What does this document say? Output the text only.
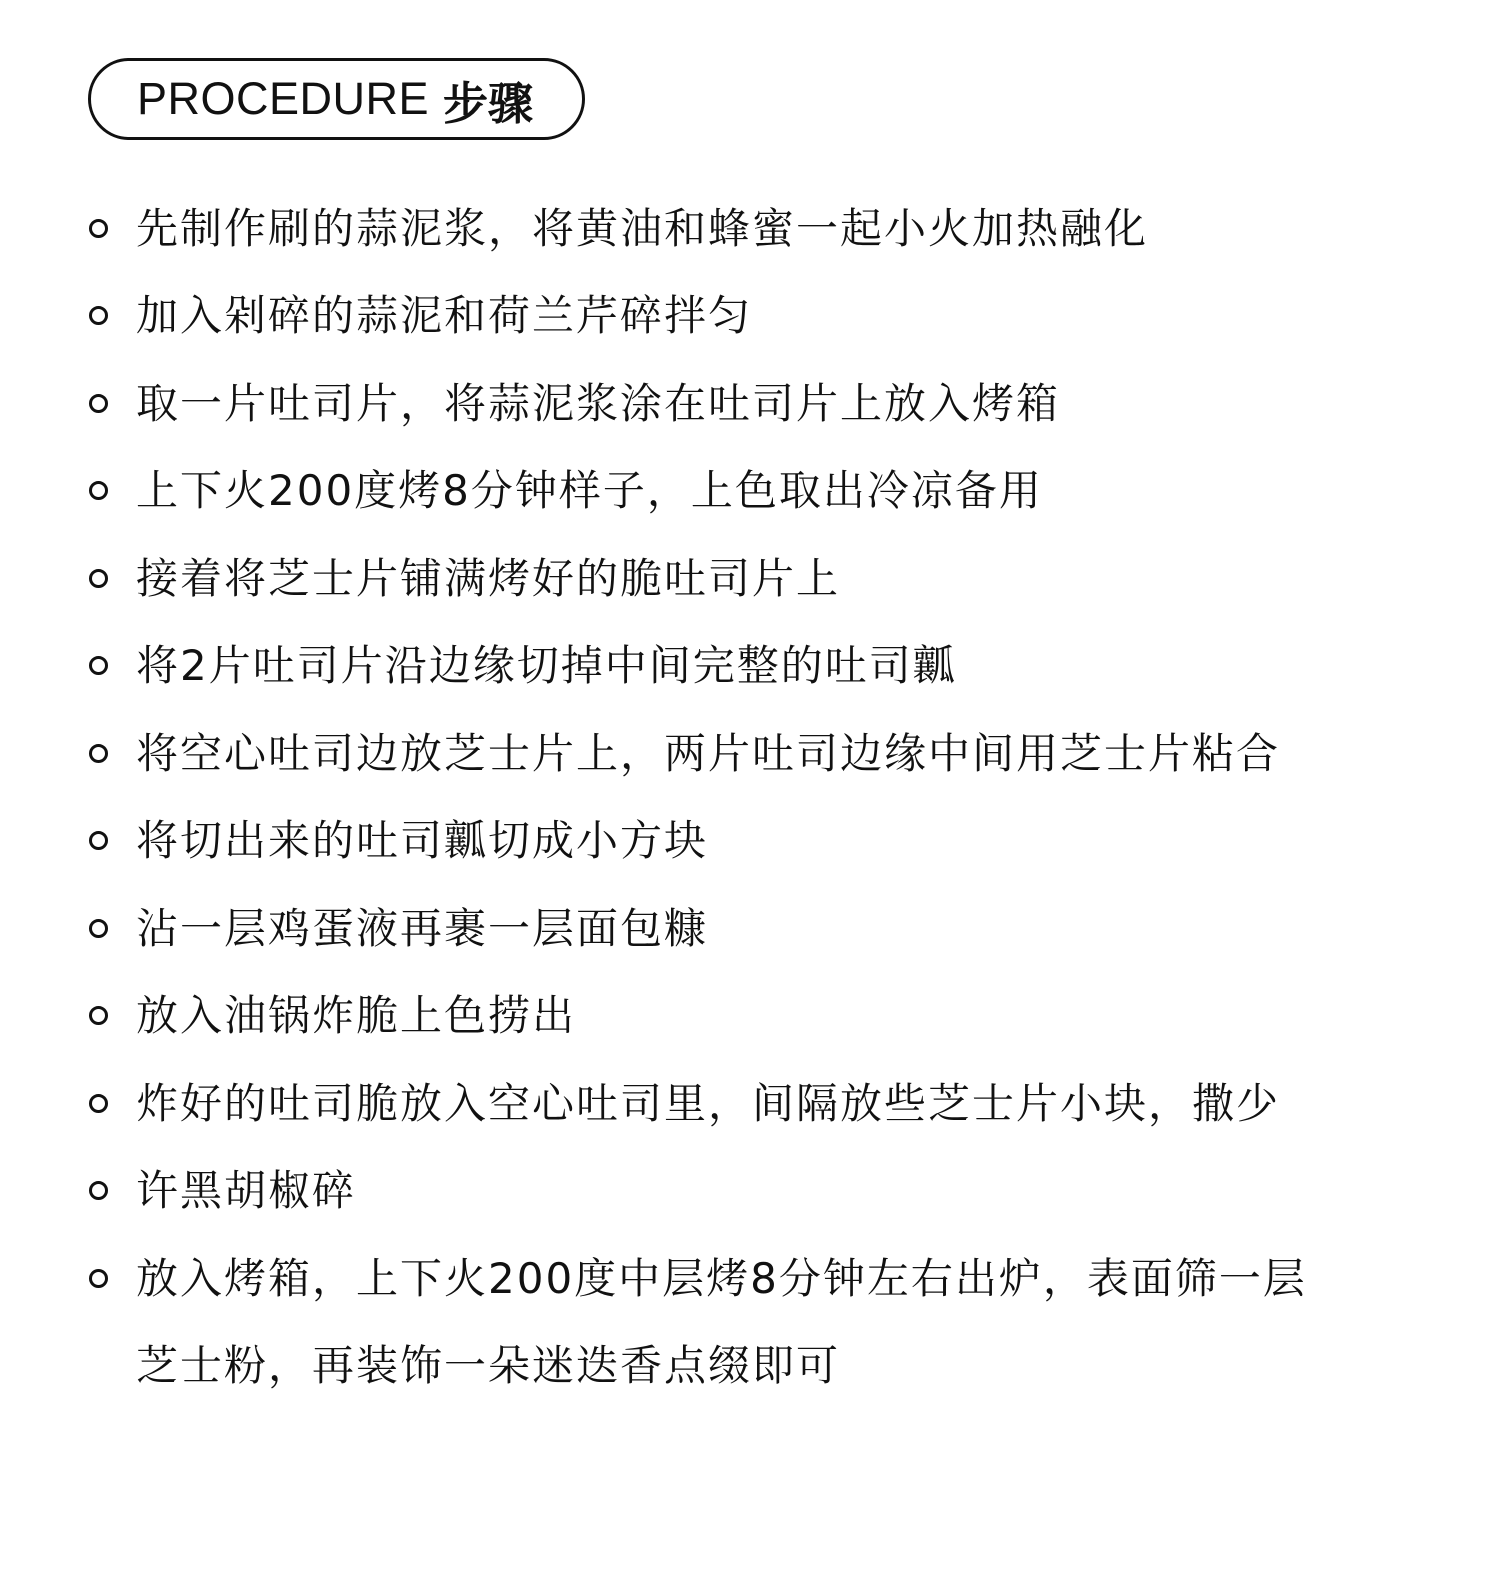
PROCEDURE 步骤
先制作刷的蒜泥浆，将黄油和蜂蜜一起小火加热融化
加入剁碎的蒜泥和荷兰芹碎拌匀
取一片吐司片，将蒜泥浆涂在吐司片上放入烤箱
上下火200度烤8分钟样子，上色取出冷凉备用
接着将芝士片铺满烤好的脆吐司片上
将2片吐司片沿边缘切掉中间完整的吐司瓤
将空心吐司边放芝士片上，两片吐司边缘中间用芝士片粘合
将切出来的吐司瓤切成小方块
沾一层鸡蛋液再裹一层面包糠
放入油锅炸脆上色捞出
炸好的吐司脆放入空心吐司里，间隔放些芝士片小块，撒少
许黑胡椒碎
放入烤箱，上下火200度中层烤8分钟左右出炉，表面筛一层
芝士粉，再装饰一朵迷迭香点缀即可
